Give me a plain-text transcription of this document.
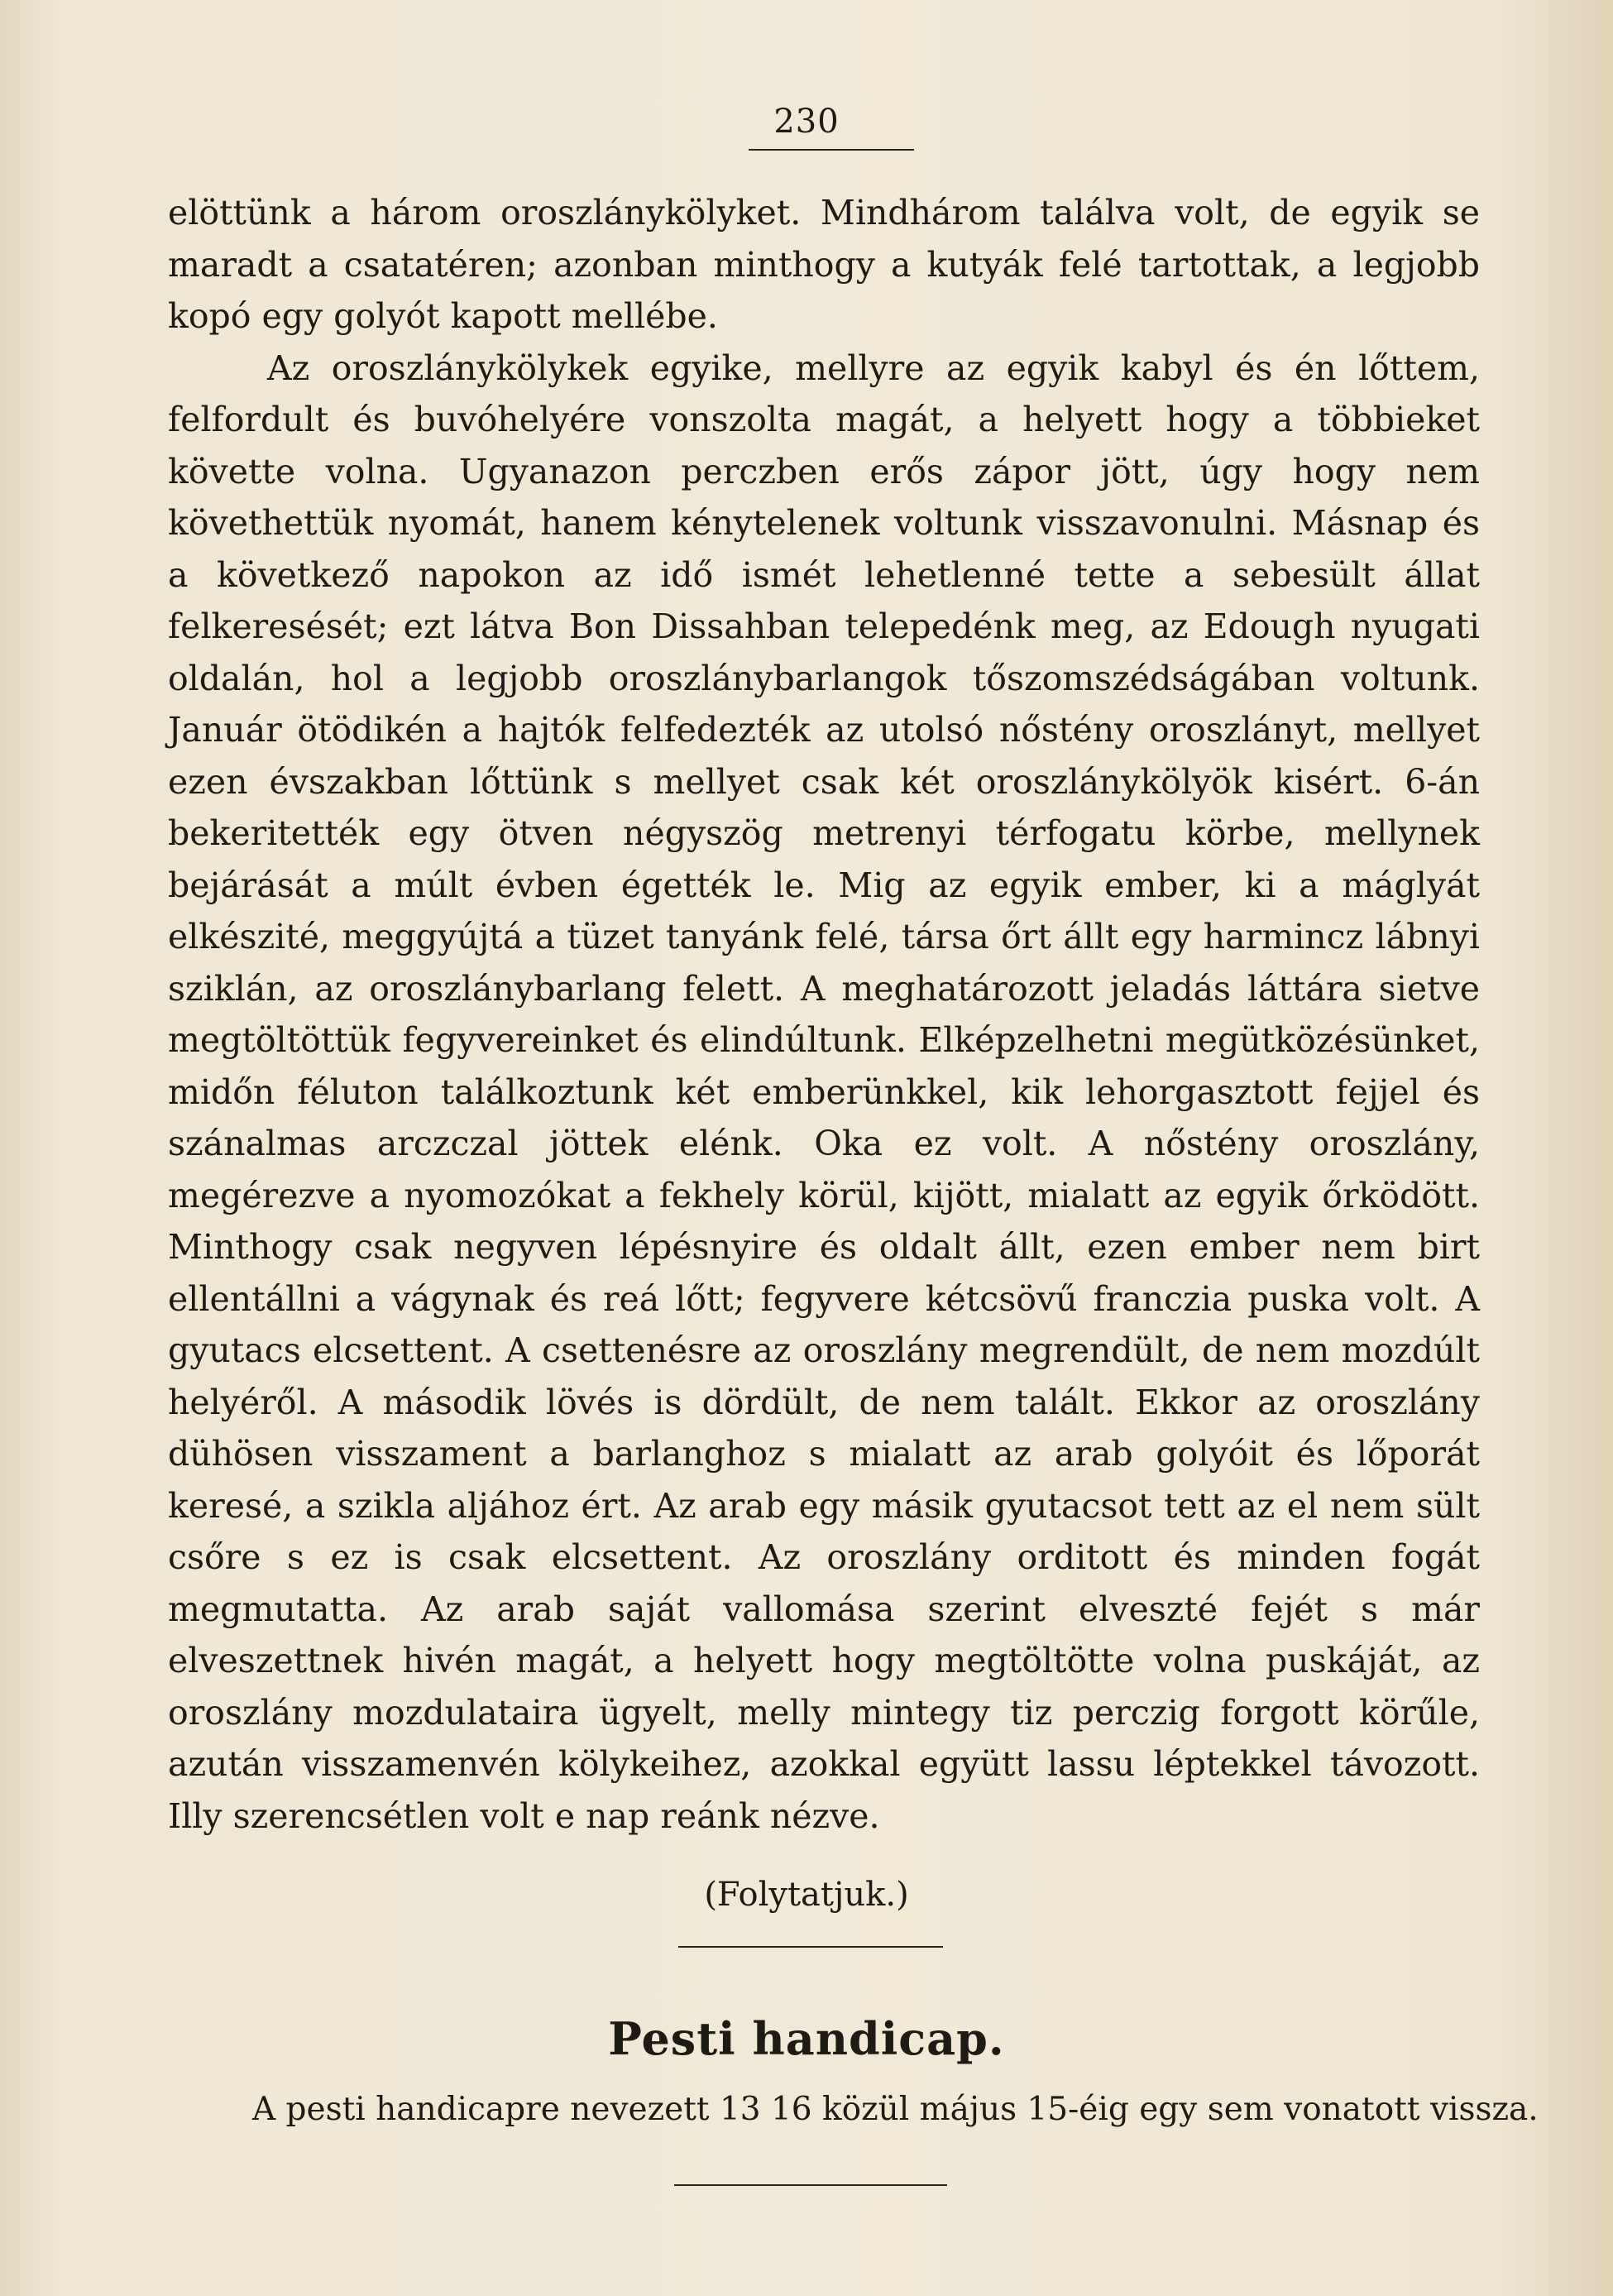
230

elöttünk a három oroszlánykölyket. Mindhárom találva volt, de egyik se maradt a csatatéren; azonban minthogy a kutyák felé tartottak, a legjobb kopó egy golyót kapott mellébe.

Az oroszlánykölykek egyike, mellyre az egyik kabyl és én lőttem, felfordult és buvóhelyére vonszolta magát, a helyett hogy a többieket követte volna. Ugyanazon perczben erős zápor jött, úgy hogy nem követhettük nyomát, hanem kénytelenek voltunk visszavonulni. Másnap és a következő napokon az idő ismét lehetlenné tette a sebesült állat felkeresését; ezt látva Bon Dissahban telepedénk meg, az Edough nyugati oldalán, hol a legjobb oroszlánybarlangok tőszomszédságában voltunk. Január ötödikén a hajtók felfedezték az utolsó nőstény oroszlányt, mellyet ezen évszakban lőttünk s mellyet csak két oroszlánykölyök kisért. 6-án bekeritették egy ötven négyszög metrenyi térfogatu körbe, mellynek bejárását a múlt évben égették le. Mig az egyik ember, ki a máglyát elkészité, meggyújtá a tüzet tanyánk felé, társa őrt állt egy harmincz lábnyi sziklán, az oroszlánybarlang felett. A meghatározott jeladás láttára sietve megtöltöttük fegyvereinket és elindúltunk. Elképzelhetni megütközésünket, midőn féluton találkoztunk két emberünkkel, kik lehorgasztott fejjel és szánalmas arczczal jöttek elénk. Oka ez volt. A nőstény oroszlány, megérezve a nyomozókat a fekhely körül, kijött, mialatt az egyik őrködött. Minthogy csak negyven lépésnyire és oldalt állt, ezen ember nem birt ellentállni a vágynak és reá lőtt; fegyvere kétcsövű franczia puska volt. A gyutacs elcsettent. A csettenésre az oroszlány megrendült, de nem mozdúlt helyéről. A második lövés is dördült, de nem talált. Ekkor az oroszlány dühösen visszament a barlanghoz s mialatt az arab golyóit és lőporát keresé, a szikla aljához ért. Az arab egy másik gyutacsot tett az el nem sült csőre s ez is csak elcsettent. Az oroszlány orditott és minden fogát megmutatta. Az arab saját vallomása szerint elveszté fejét s már elveszettnek hivén magát, a helyett hogy megtöltötte volna puskáját, az oroszlány mozdulataira ügyelt, melly mintegy tiz perczig forgott körűle, azután visszamenvén kölykeihez, azokkal együtt lassu léptekkel távozott. Illy szerencsétlen volt e nap reánk nézve.

(Folytatjuk.)
Pesti handicap.
A pesti handicapre nevezett 13 16 közül május 15-éig egy sem vonatott vissza.
